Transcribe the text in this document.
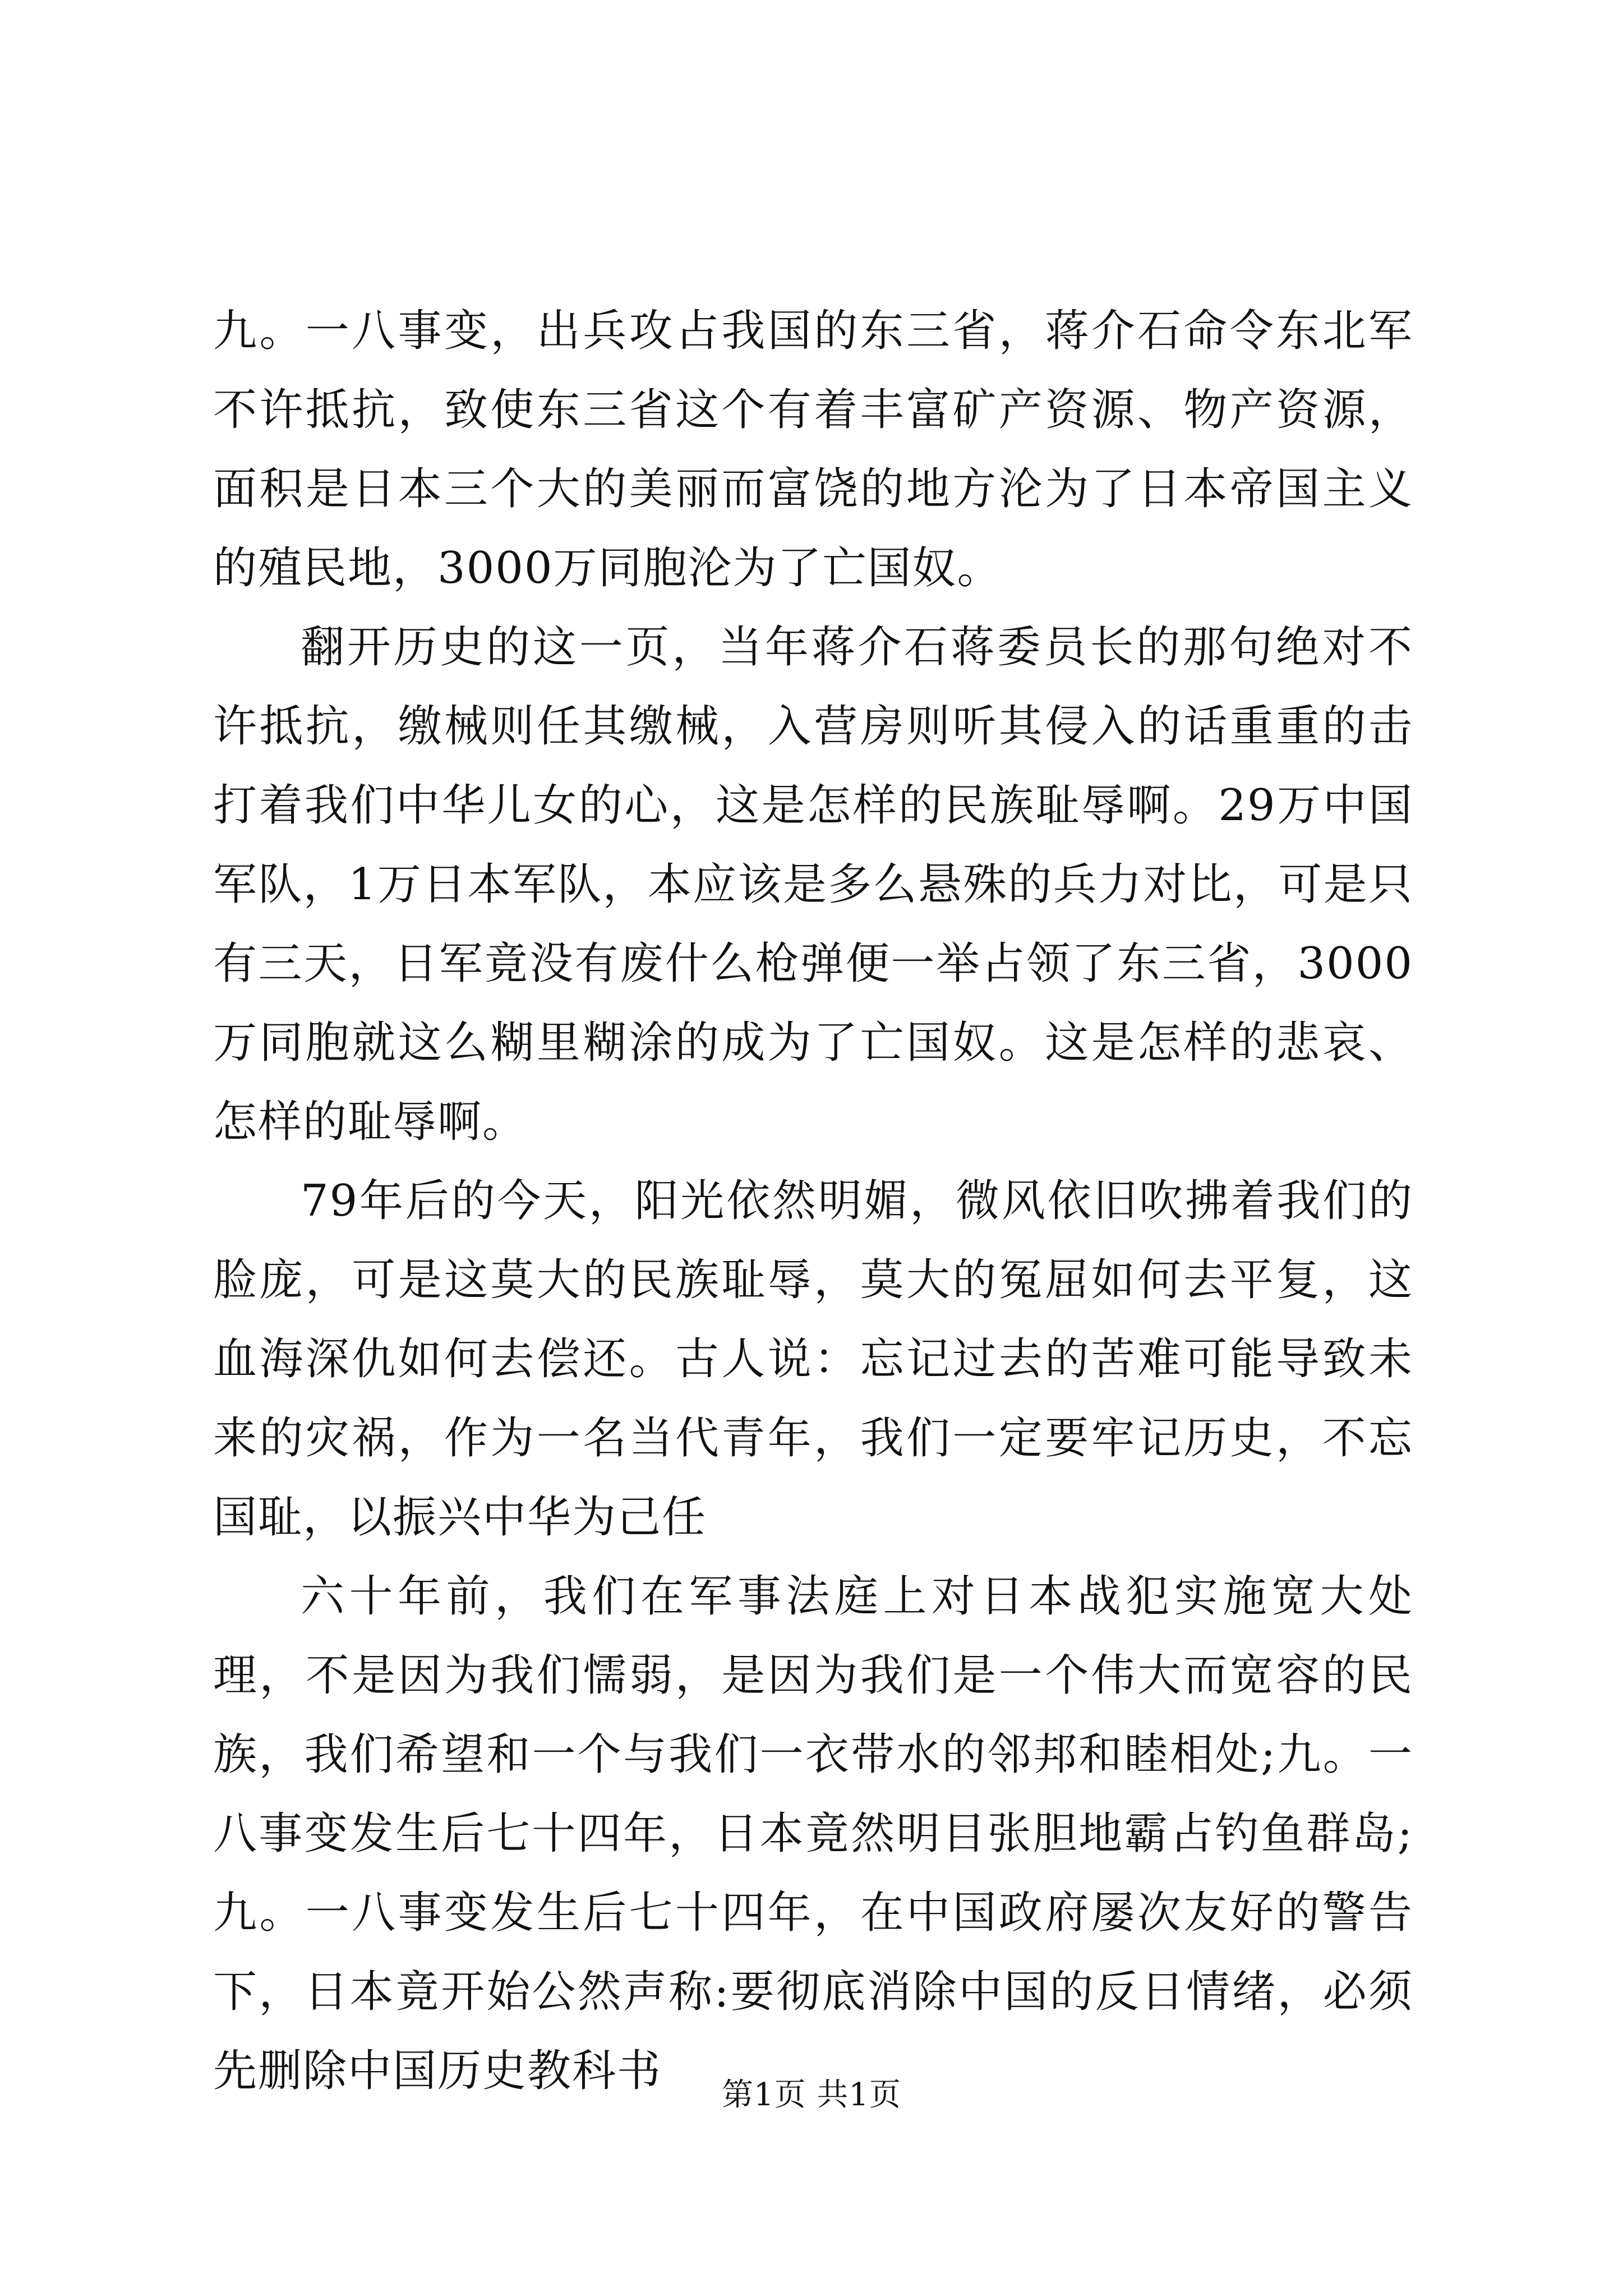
九。一八事变，出兵攻占我国的东三省，蒋介石命令东北军不许抵抗，致使东三省这个有着丰富矿产资源、物产资源，面积是日本三个大的美丽而富饶的地方沦为了日本帝国主义的殖民地，3000万同胞沦为了亡国奴。

翻开历史的这一页，当年蒋介石蒋委员长的那句绝对不许抵抗，缴械则任其缴械，入营房则听其侵入的话重重的击打着我们中华儿女的心，这是怎样的民族耻辱啊。29万中国军队，1万日本军队，本应该是多么悬殊的兵力对比，可是只有三天，日军竟没有废什么枪弹便一举占领了东三省，3000万同胞就这么糊里糊涂的成为了亡国奴。这是怎样的悲哀、怎样的耻辱啊。

79年后的今天，阳光依然明媚，微风依旧吹拂着我们的脸庞，可是这莫大的民族耻辱，莫大的冤屈如何去平复，这血海深仇如何去偿还。古人说：忘记过去的苦难可能导致未来的灾祸，作为一名当代青年，我们一定要牢记历史，不忘国耻，以振兴中华为己任

六十年前，我们在军事法庭上对日本战犯实施宽大处理，不是因为我们懦弱，是因为我们是一个伟大而宽容的民族，我们希望和一个与我们一衣带水的邻邦和睦相处;九。一八事变发生后七十四年，日本竟然明目张胆地霸占钓鱼群岛;九。一八事变发生后七十四年，在中国政府屡次友好的警告下，日本竟开始公然声称:要彻底消除中国的反日情绪，必须先删除中国历史教科书	第1页 共1页
